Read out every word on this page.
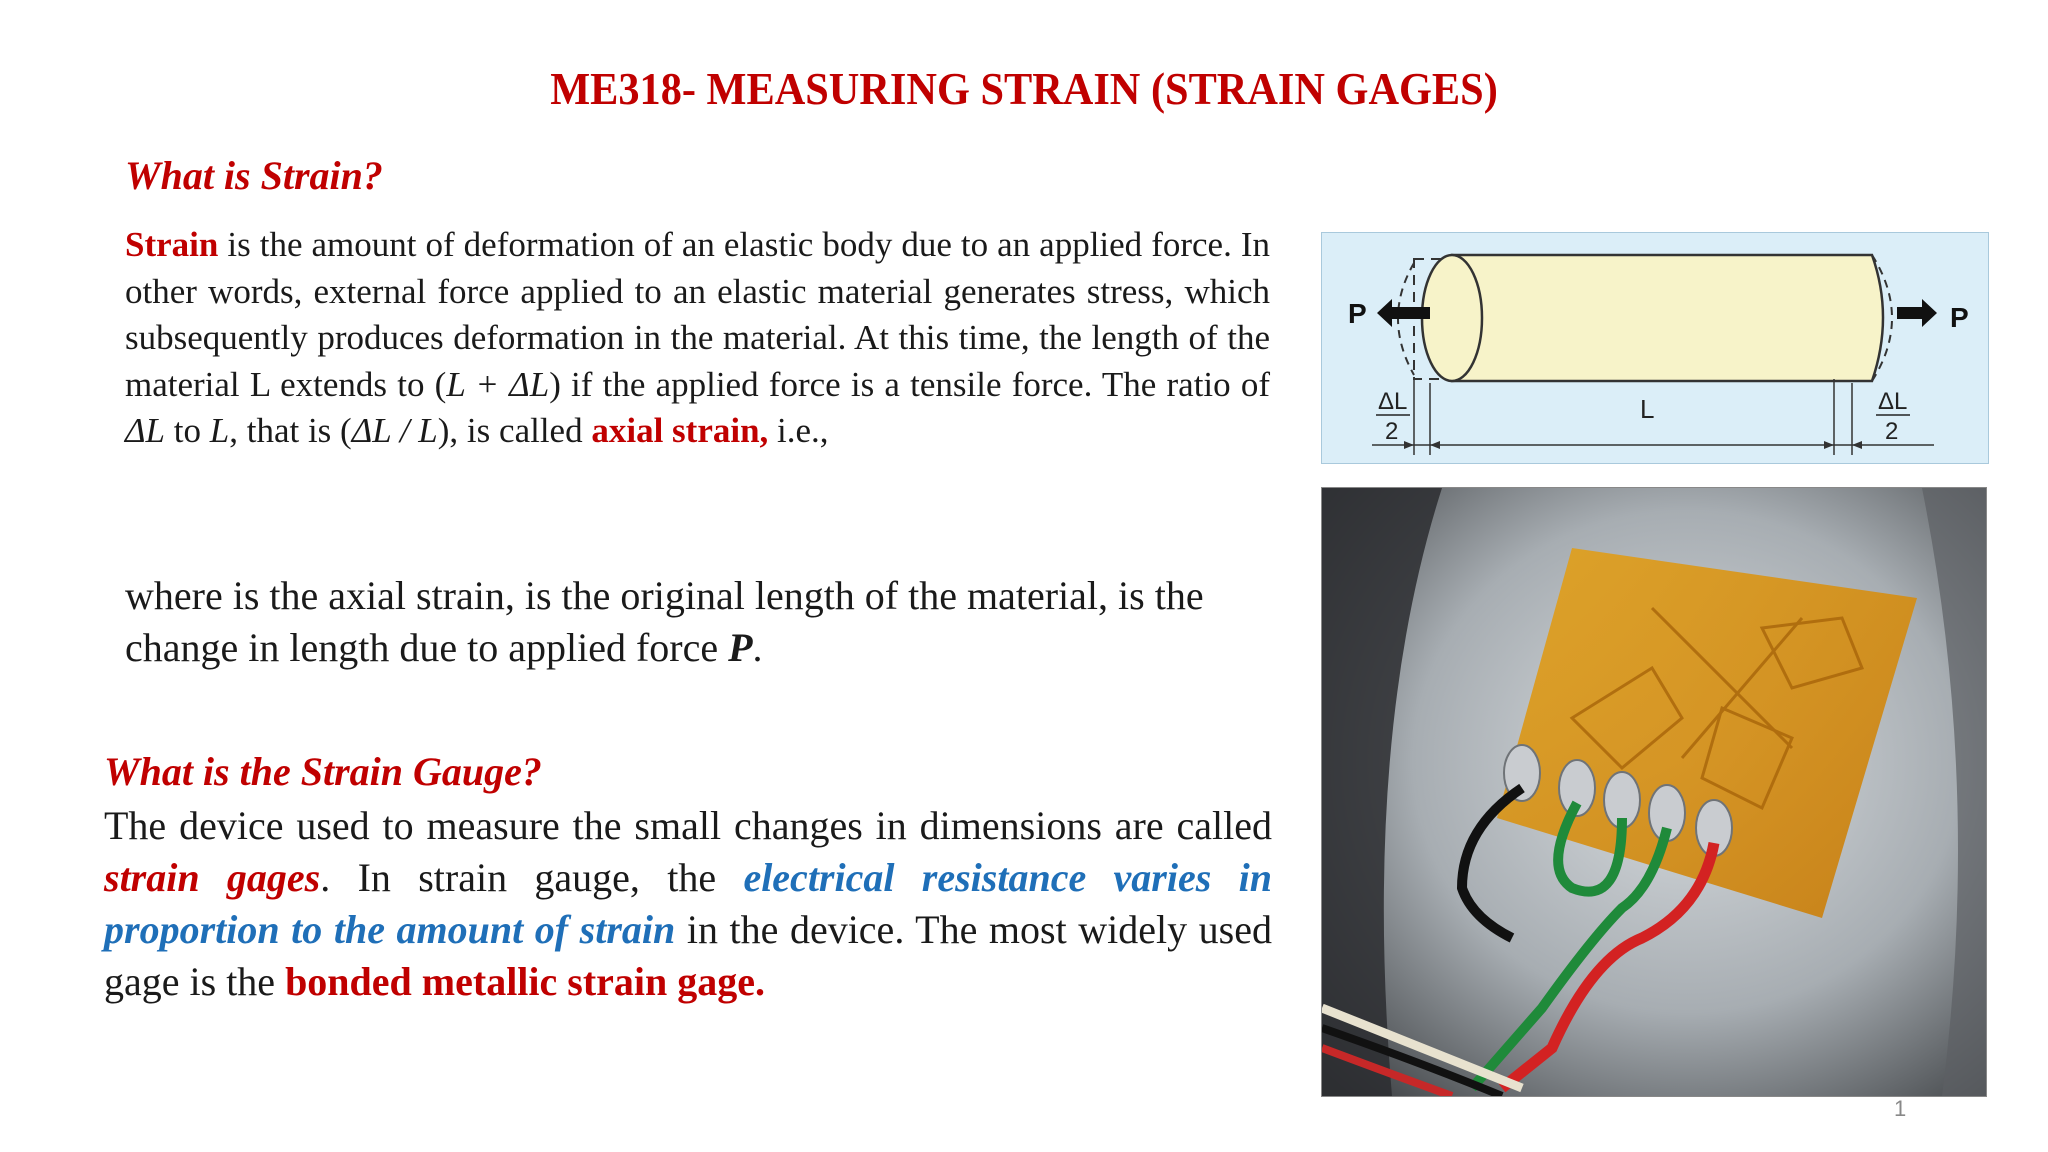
ME318- MEASURING STRAIN (STRAIN GAGES)
What is Strain?
Strain is the amount of deformation of an elastic body due to an applied force. In other words, external force applied to an elastic material generates stress, which subsequently produces deformation in the material. At this time, the length of the material L extends to (L + ΔL) if the applied force is a tensile force. The ratio of ΔL to L, that is (ΔL / L), is called axial strain, i.e.,
where is the axial strain, is the original length of the material, is the change in length due to applied force P.
What is the Strain Gauge?
The device used to measure the small changes in dimensions are called strain gages. In strain gauge, the electrical resistance varies in proportion to the amount of strain in the device. The most widely used gage is the bonded metallic strain gage.
P	P
L
ΔL
2
ΔL
2
1
